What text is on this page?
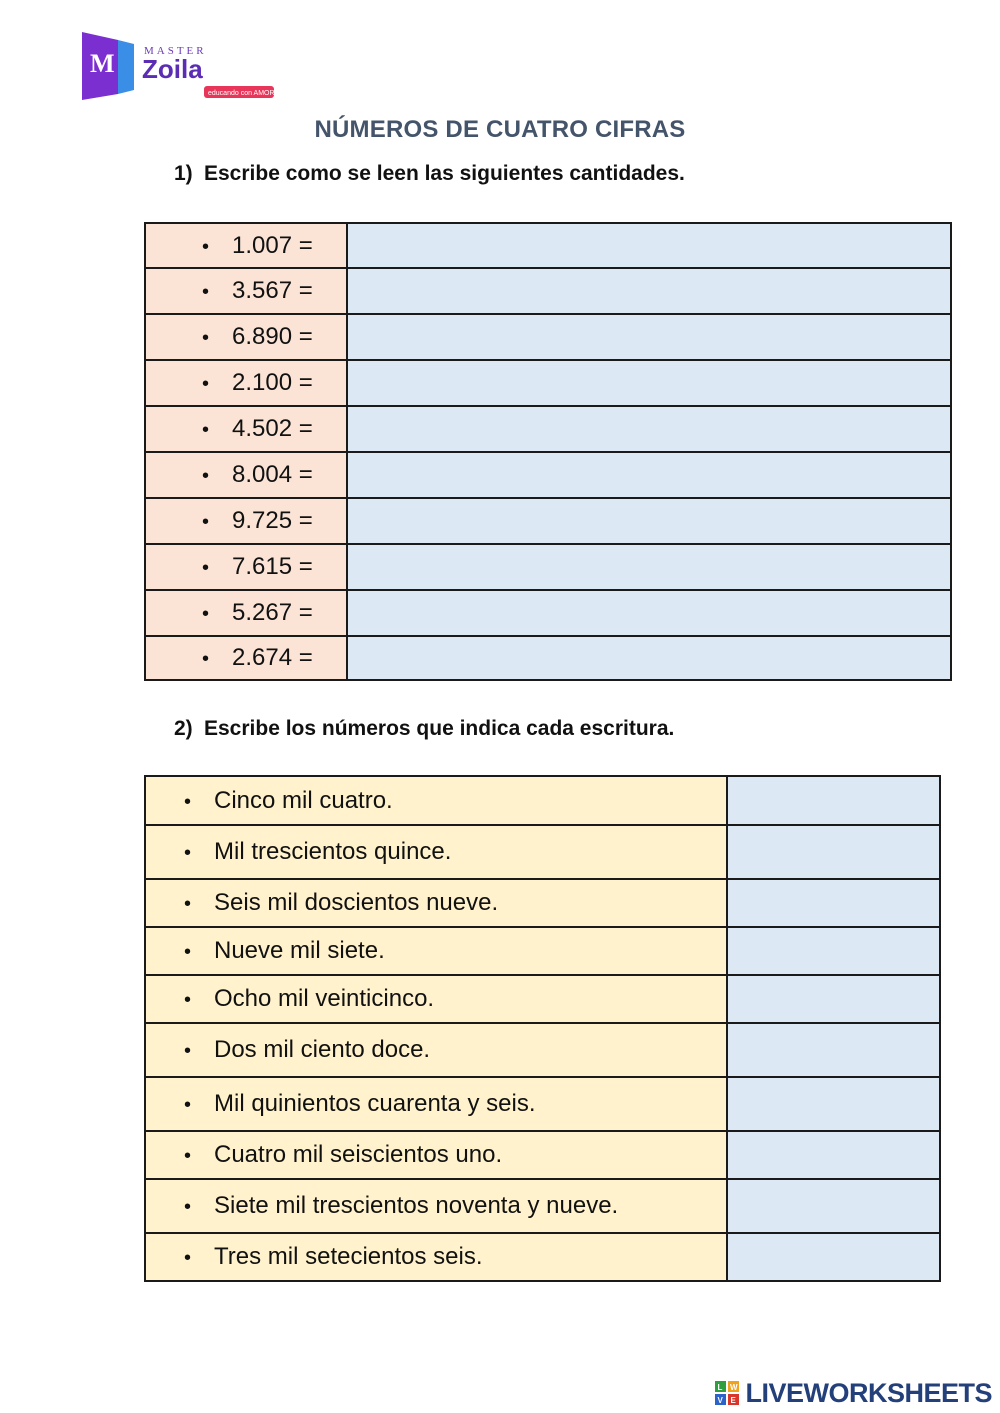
M	MASTER
Zoila
educando con AMOR
NÚMEROS DE CUATRO CIFRAS
1) Escribe como se leen las siguientes cantidades.
• 1.007 =	

• 3.567 =	

• 6.890 =	

• 2.100 =	

• 4.502 =	

• 8.004 =	

• 9.725 =	

• 7.615 =	

• 5.267 =	

• 2.674 =	

2) Escribe los números que indica cada escritura.
• Cinco mil cuatro.	

• Mil trescientos quince.	

• Seis mil doscientos nueve.	

• Nueve mil siete.	

• Ocho mil veinticinco.	

• Dos mil ciento doce.	

• Mil quinientos cuarenta y seis.	

• Cuatro mil seiscientos uno.	

• Siete mil trescientos noventa y nueve.	

• Tres mil setecientos seis.	

L W
V E LIVEWORKSHEETS
